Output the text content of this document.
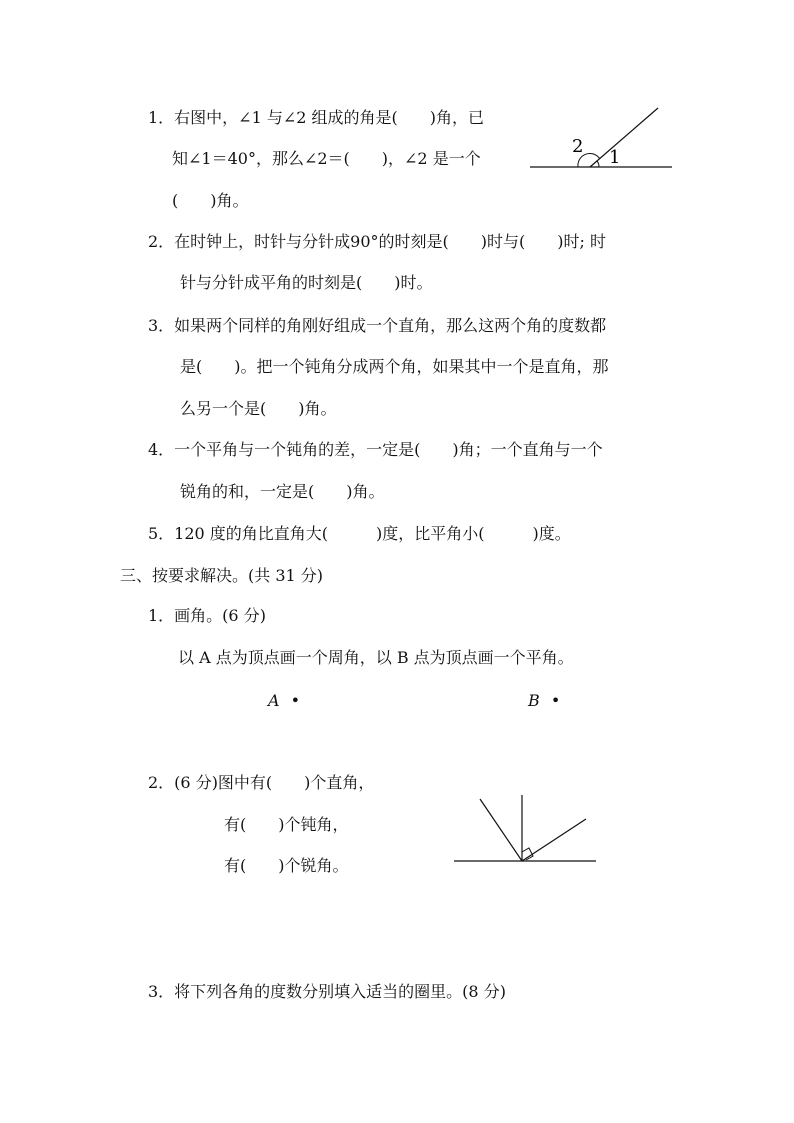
1．右图中，∠1 与∠2 组成的角是(　　)角，已
知∠1＝40°，那么∠2＝(　　)，∠2 是一个
(　　)角。
2
1
2．在时钟上，时针与分针成90°的时刻是(　　)时与(　　)时; 时
针与分针成平角的时刻是(　　)时。
3．如果两个同样的角刚好组成一个直角，那么这两个角的度数都
是(　　)。把一个钝角分成两个角，如果其中一个是直角，那
么另一个是(　　)角。
4．一个平角与一个钝角的差，一定是(　　)角；一个直角与一个
锐角的和，一定是(　　)角。
5．120 度的角比直角大(　　　)度，比平角小(　　　)度。
三、按要求解决。(共 31 分)
1．画角。(6 分)
以 A 点为顶点画一个周角，以 B 点为顶点画一个平角。
A •	B •
2．(6 分)图中有(　　)个直角，
有(　　)个钝角，
有(　　)个锐角。
3．将下列各角的度数分别填入适当的圈里。(8 分)
